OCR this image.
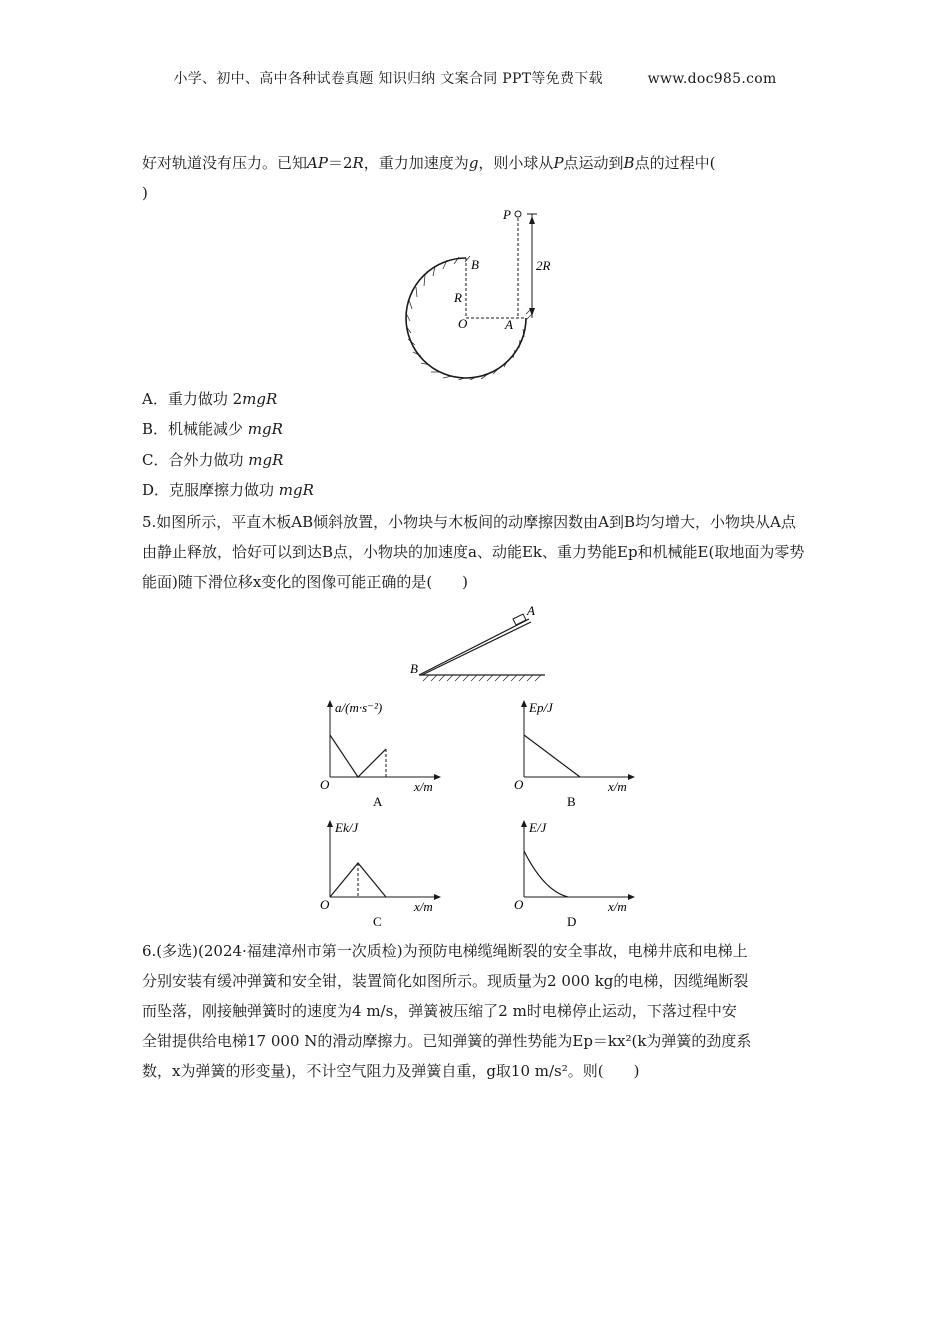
小学、初中、高中各种试卷真题 知识归纳 文案合同 PPT等免费下载	www.doc985.com
好对轨道没有压力。已知AP＝2R，重力加速度为g，则小球从P点运动到B点的过程中(
)
P
B
R
O	A
2R
A．重力做功 2mgR
B．机械能减少 mgR
C．合外力做功 mgR
D．克服摩擦力做功 mgR
5.如图所示，平直木板AB倾斜放置，小物块与木板间的动摩擦因数由A到B均匀增大，小物块从A点由静止释放，恰好可以到达B点，小物块的加速度a、动能Ek、重力势能Ep和机械能E(取地面为零势能面)随下滑位移x变化的图像可能正确的是(　　)
A
B
a/(m·s⁻²)
x/m
O
A
Ep/J
x/m
O
B
Ek/J
x/m
O
C
E/J
x/m
O
D
6.(多选)(2024·福建漳州市第一次质检)为预防电梯缆绳断裂的安全事故，电梯井底和电梯上
分别安装有缓冲弹簧和安全钳，装置简化如图所示。现质量为2 000 kg的电梯，因缆绳断裂
而坠落，刚接触弹簧时的速度为4 m/s，弹簧被压缩了2 m时电梯停止运动，下落过程中安
全钳提供给电梯17 000 N的滑动摩擦力。已知弹簧的弹性势能为Ep＝kx²(k为弹簧的劲度系
数，x为弹簧的形变量)，不计空气阻力及弹簧自重，g取10 m/s²。则(　　)
